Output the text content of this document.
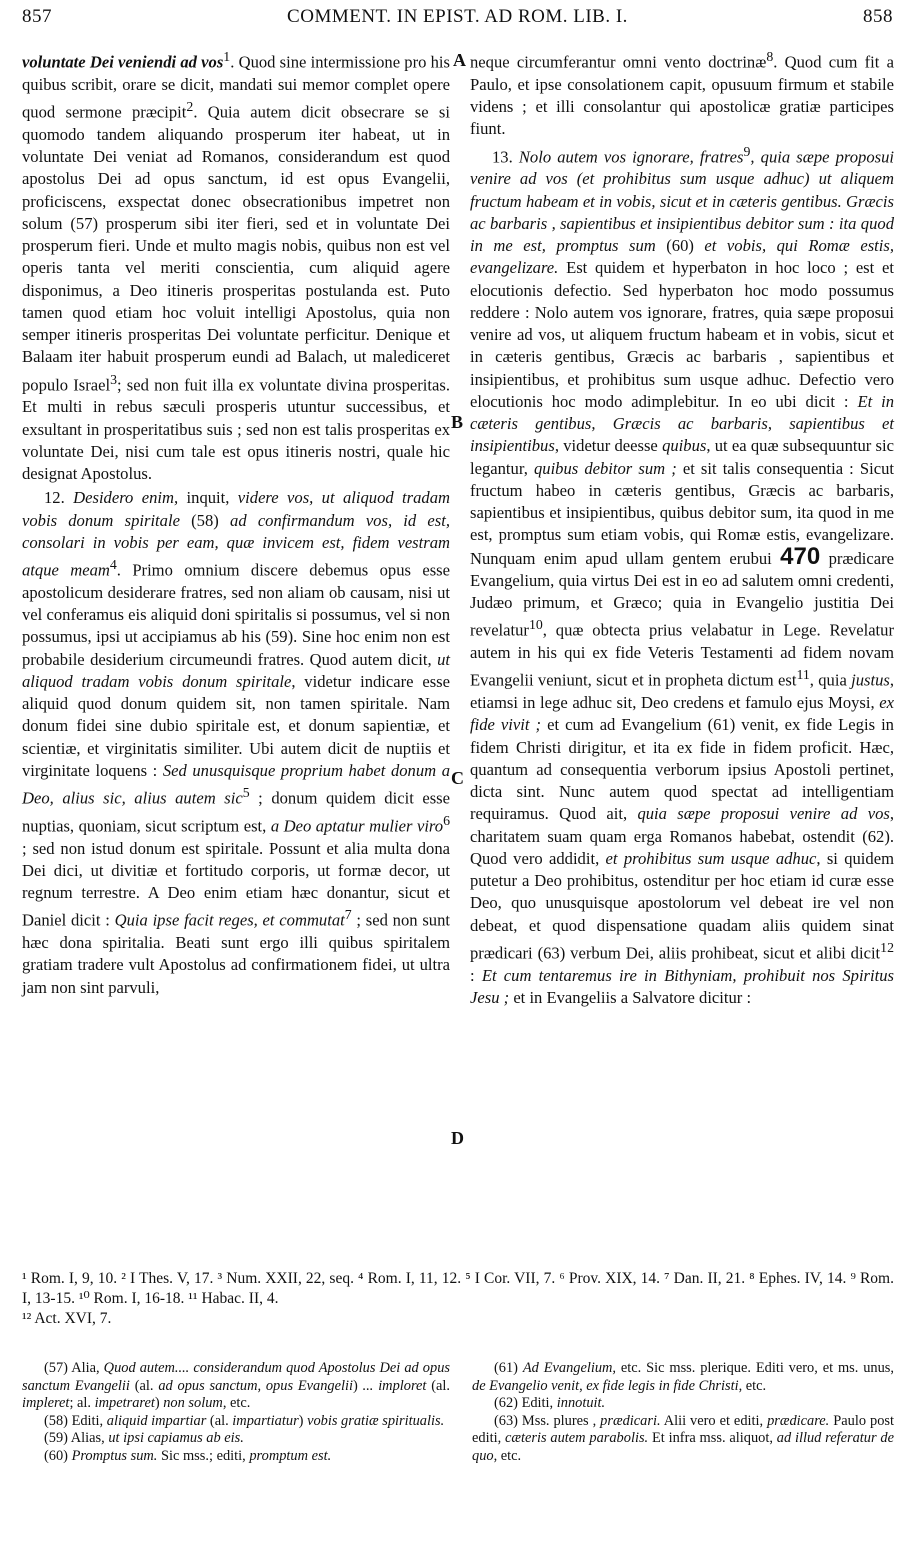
857	COMMENT. IN EPIST. AD ROM. LIB. I.	858
A
B
C
D

voluntate Dei veniendi ad vos$^1$. Quod sine intermissione pro his quibus scribit, orare se dicit, mandati sui memor complet opere quod sermone præcipit$^2$. Quia autem dicit obsecrare se si quomodo tandem aliquando prosperum iter habeat, ut in voluntate Dei veniat ad Romanos, considerandum est quod apostolus Dei ad opus sanctum, id est opus Evangelii, proficiscens, exspectat donec obsecrationibus impetret non solum (57) prosperum sibi iter fieri, sed et in voluntate Dei prosperum fieri. Unde et multo magis nobis, quibus non est vel operis tanta vel meriti conscientia, cum aliquid agere disponimus, a Deo itineris prosperitas postulanda est. Puto tamen quod etiam hoc voluit intelligi Apostolus, quia non semper itineris prosperitas Dei voluntate perficitur. Denique et Balaam iter habuit prosperum eundi ad Balach, ut malediceret populo Israel$^3$; sed non fuit illa ex voluntate divina prosperitas. Et multi in rebus sæculi prosperis utuntur successibus, et exsultant in prosperitatibus suis ; sed non est talis prosperitas ex voluntate Dei, nisi cum tale est opus itineris nostri, quale hic designat Apostolus.

12. Desidero enim, inquit, videre vos, ut aliquod tradam vobis donum spiritale (58) ad confirmandum vos, id est, consolari in vobis per eam, quæ invicem est, fidem vestram atque meam$^4$. Primo omnium discere debemus opus esse apostolicum desiderare fratres, sed non aliam ob causam, nisi ut vel conferamus eis aliquid doni spiritalis si possumus, vel si non possumus, ipsi ut accipiamus ab his (59). Sine hoc enim non est probabile desiderium circumeundi fratres. Quod autem dicit, ut aliquod tradam vobis donum spiritale, videtur indicare esse aliquid quod donum quidem sit, non tamen spiritale. Nam donum fidei sine dubio spiritale est, et donum sapientiæ, et scientiæ, et virginitatis similiter. Ubi autem dicit de nuptiis et virginitate loquens : Sed unusquisque proprium habet donum a Deo, alius sic, alius autem sic$^5$ ; donum quidem dicit esse nuptias, quoniam, sicut scriptum est, a Deo aptatur mulier viro$^6$ ; sed non istud donum est spiritale. Possunt et alia multa dona Dei dici, ut divitiæ et fortitudo corporis, ut formæ decor, ut regnum terrestre. A Deo enim etiam hæc donantur, sicut et Daniel dicit : Quia ipse facit reges, et commutat$^7$ ; sed non sunt hæc dona spiritalia. Beati sunt ergo illi quibus spiritalem gratiam tradere vult Apostolus ad confirmationem fidei, ut ultra jam non sint parvuli,

neque circumferantur omni vento doctrinæ$^8$. Quod cum fit a Paulo, et ipse consolationem capit, opusuum firmum et stabile videns ; et illi consolantur qui apostolicæ gratiæ participes fiunt.

13. Nolo autem vos ignorare, fratres$^9$, quia sæpe proposui venire ad vos (et prohibitus sum usque adhuc) ut aliquem fructum habeam et in vobis, sicut et in cæteris gentibus. Græcis ac barbaris , sapientibus et insipientibus debitor sum : ita quod in me est, promptus sum (60) et vobis, qui Romæ estis, evangelizare. Est quidem et hyperbaton in hoc loco ; est et elocutionis defectio. Sed hyperbaton hoc modo possumus reddere : Nolo autem vos ignorare, fratres, quia sæpe proposui venire ad vos, ut aliquem fructum habeam et in vobis, sicut et in cæteris gentibus, Græcis ac barbaris , sapientibus et insipientibus, et prohibitus sum usque adhuc. Defectio vero elocutionis hoc modo adimplebitur. In eo ubi dicit : Et in cæteris gentibus, Græcis ac barbaris, sapientibus et insipientibus, videtur deesse quibus, ut ea quæ subsequuntur sic legantur, quibus debitor sum ; et sit talis consequentia : Sicut fructum habeo in cæteris gentibus, Græcis ac barbaris, sapientibus et insipientibus, quibus debitor sum, ita quod in me est, promptus sum etiam vobis, qui Romæ estis, evangelizare. Nunquam enim apud ullam gentem erubui 470 prædicare Evangelium, quia virtus Dei est in eo ad salutem omni credenti, Judæo primum, et Græco; quia in Evangelio justitia Dei revelatur$^{10}$, quæ obtecta prius velabatur in Lege. Revelatur autem in his qui ex fide Veteris Testamenti ad fidem novam Evangelii veniunt, sicut et in propheta dictum est$^{11}$, quia justus, etiamsi in lege adhuc sit, Deo credens et famulo ejus Moysi, ex fide vivit ; et cum ad Evangelium (61) venit, ex fide Legis in fidem Christi dirigitur, et ita ex fide in fidem proficit. Hæc, quantum ad consequentia verborum ipsius Apostoli pertinet, dicta sint. Nunc autem quod spectat ad intelligentiam requiramus. Quod ait, quia sæpe proposui venire ad vos, charitatem suam quam erga Romanos habebat, ostendit (62). Quod vero addidit, et prohibitus sum usque adhuc, si quidem putetur a Deo prohibitus, ostenditur per hoc etiam id curæ esse Deo, quo unusquisque apostolorum vel debeat ire vel non debeat, et quod dispensatione quadam aliis quidem sinat prædicari (63) verbum Dei, aliis prohibeat, sicut et alibi dicit$^{12}$ : Et cum tentaremus ire in Bithyniam, prohibuit nos Spiritus Jesu ; et in Evangeliis a Salvatore dicitur :

¹ Rom. I, 9, 10. ² I Thes. V, 17. ³ Num. XXII, 22, seq. ⁴ Rom. I, 11, 12. ⁵ I Cor. VII, 7. ⁶ Prov. XIX, 14. ⁷ Dan. II, 21. ⁸ Ephes. IV, 14. ⁹ Rom. I, 13-15. ¹⁰ Rom. I, 16-18. ¹¹ Habac. II, 4.

¹² Act. XVI, 7.

(57) Alia, Quod autem.... considerandum quod Apostolus Dei ad opus sanctum Evangelii (al. ad opus sanctum, opus Evangelii) ... imploret (al. impleret; al. impetraret) non solum, etc.

(58) Editi, aliquid impartiar (al. impartiatur) vobis gratiæ spiritualis.

(59) Alias, ut ipsi capiamus ab eis.

(60) Promptus sum. Sic mss.; editi, promptum est.

(61) Ad Evangelium, etc. Sic mss. plerique. Editi vero, et ms. unus, de Evangelio venit, ex fide legis in fide Christi, etc.

(62) Editi, innotuit.

(63) Mss. plures , prædicari. Alii vero et editi, prædicare. Paulo post editi, cæteris autem parabolis. Et infra mss. aliquot, ad illud referatur de quo, etc.
